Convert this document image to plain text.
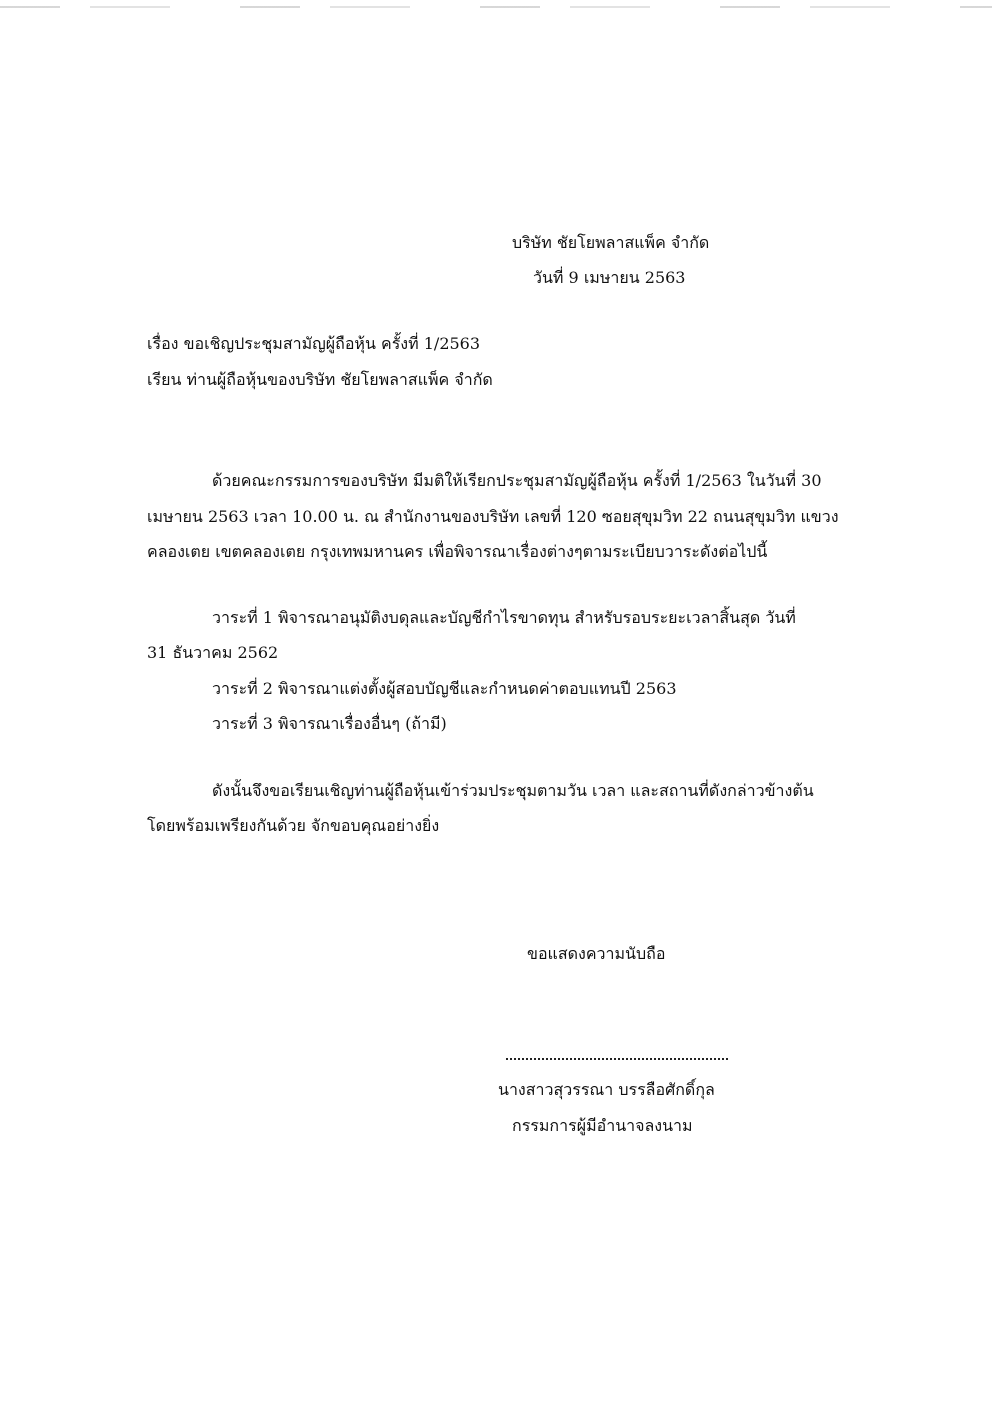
บริษัท ชัยโยพลาสแพ็ค จำกัด
วันที่ 9 เมษายน 2563
เรื่อง ขอเชิญประชุมสามัญผู้ถือหุ้น ครั้งที่ 1/2563
เรียน ท่านผู้ถือหุ้นของบริษัท ชัยโยพลาสแพ็ค จำกัด
ด้วยคณะกรรมการของบริษัท มีมติให้เรียกประชุมสามัญผู้ถือหุ้น ครั้งที่ 1/2563 ในวันที่ 30
เมษายน 2563 เวลา 10.00 น. ณ สำนักงานของบริษัท เลขที่ 120 ซอยสุขุมวิท 22 ถนนสุขุมวิท แขวง
คลองเตย เขตคลองเตย กรุงเทพมหานคร เพื่อพิจารณาเรื่องต่างๆตามระเบียบวาระดังต่อไปนี้
วาระที่ 1 พิจารณาอนุมัติงบดุลและบัญชีกำไรขาดทุน สำหรับรอบระยะเวลาสิ้นสุด วันที่
31 ธันวาคม 2562
วาระที่ 2 พิจารณาแต่งตั้งผู้สอบบัญชีและกำหนดค่าตอบแทนปี 2563
วาระที่ 3 พิจารณาเรื่องอื่นๆ (ถ้ามี)
ดังนั้นจึงขอเรียนเชิญท่านผู้ถือหุ้นเข้าร่วมประชุมตามวัน เวลา และสถานที่ดังกล่าวข้างต้น
โดยพร้อมเพรียงกันด้วย จักขอบคุณอย่างยิ่ง
ขอแสดงความนับถือ
นางสาวสุวรรณา บรรลือศักดิ์กุล
กรรมการผู้มีอำนาจลงนาม
